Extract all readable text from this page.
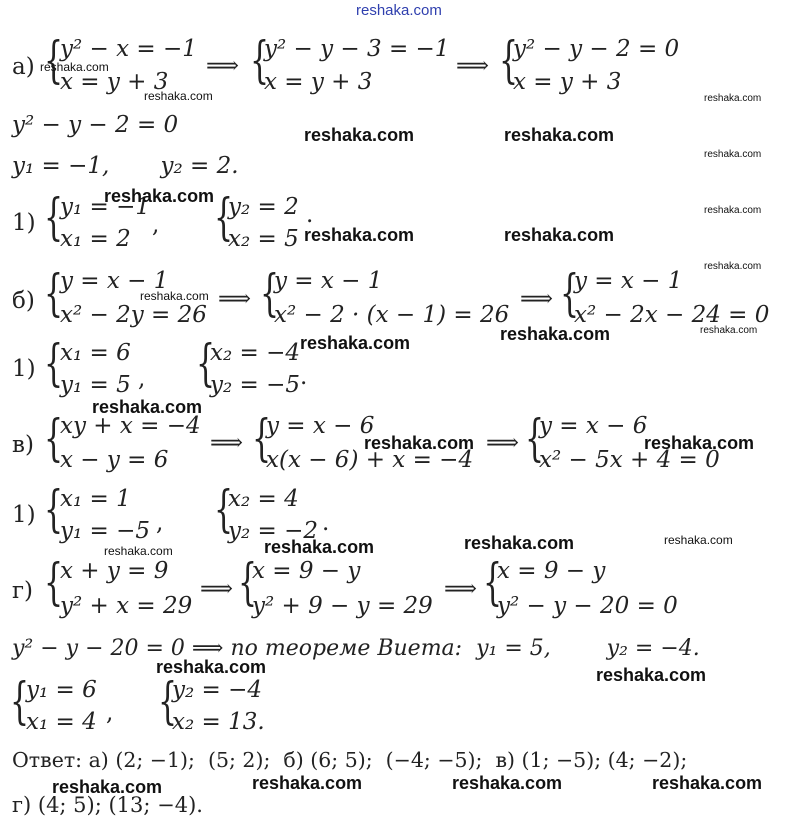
reshaka.com
а) {
y² − x = −1
x = y + 3
⟹ {
y² − y − 3 = −1
x = y + 3
⟹ {
y² − y − 2 = 0
x = y + 3
y² − y − 2 = 0
y₁ = −1,       y₂ = 2.
1) {
y₁ = −1
x₁ = 2
, {
y₂ = 2
x₂ = 5
.
б) {
y = x − 1
x² − 2y = 26
⟹ {
y = x − 1
x² − 2 · (x − 1) = 26
⟹ {
y = x − 1
x² − 2x − 24 = 0
1) {
x₁ = 6
y₁ = 5 , {
x₂ = −4
y₂ = −5 .
в) {
xy + x = −4
x − y = 6
⟹ {
y = x − 6
x(x − 6) + x = −4
⟹ {
y = x − 6
x² − 5x + 4 = 0
1) {
x₁ = 1
y₁ = −5 , {
x₂ = 4
y₂ = −2 .
г) {
x + y = 9
y² + x = 29
⟹ {
x = 9 − y
y² + 9 − y = 29
⟹ {
x = 9 − y
y² − y − 20 = 0
y² − y − 20 = 0 ⟹ по теореме Виета:  y₁ = 5,        y₂ = −4.
{
y₁ = 6
x₁ = 4 , {
y₂ = −4
x₂ = 13.
Ответ: а) (2; −1);  (5; 2);  б) (6; 5);  (−4; −5);  в) (1; −5); (4; −2);
г) (4; 5); (13; −4).
reshaka.com
reshaka.com
reshaka.com	reshaka.com
reshaka.com
reshaka.com
reshaka.com
reshaka.com
reshaka.com	reshaka.com
reshaka.com
reshaka.com
reshaka.com
reshaka.com
reshaka.com
reshaka.com
reshaka.com	reshaka.com
reshaka.com	reshaka.com	reshaka.com
reshaka.com
reshaka.com	reshaka.com
reshaka.com	reshaka.com	reshaka.com	reshaka.com
